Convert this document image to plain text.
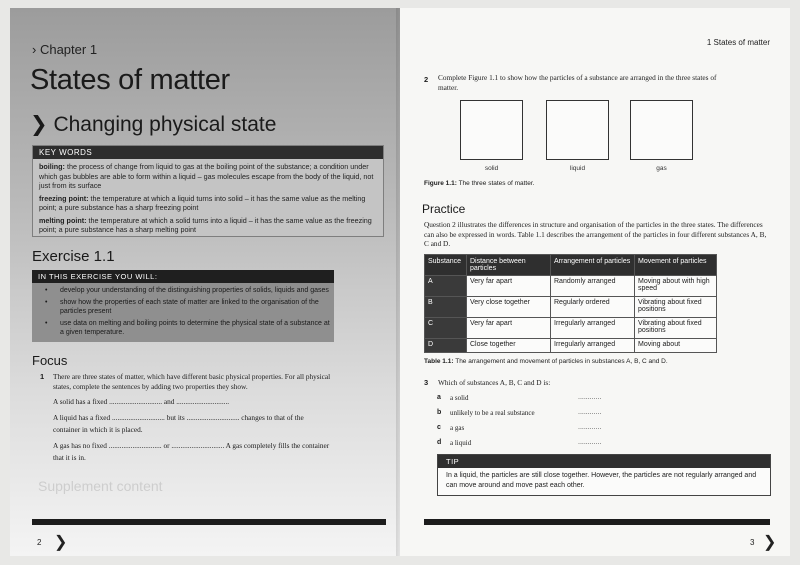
› Chapter 1
States of matter
❯ Changing physical state
KEY WORDS
boiling: the process of change from liquid to gas at the boiling point of the substance; a condition under which gas bubbles are able to form within a liquid – gas molecules escape from the body of the liquid, not just from its surface
freezing point: the temperature at which a liquid turns into solid – it has the same value as the melting point; a pure substance has a sharp freezing point
melting point: the temperature at which a solid turns into a liquid – it has the same value as the freezing point; a pure substance has a sharp melting point
Exercise 1.1
IN THIS EXERCISE YOU WILL:
• develop your understanding of the distinguishing properties of solids, liquids and gases
• show how the properties of each state of matter are linked to the organisation of the particles present
• use data on melting and boiling points to determine the physical state of a substance at a given temperature.
Focus
1 There are three states of matter, which have different basic physical properties. For all physical states, complete the sentences by adding two properties they show.
A solid has a fixed ............................. and .............................
A liquid has a fixed ............................. but its ............................. changes to that of the
container in which it is placed.
A gas has no fixed ............................. or ............................. A gas completely fills the container
that it is in.
Supplement content
2 ❯
1 States of matter
2 Complete Figure 1.1 to show how the particles of a substance are arranged in the three states of matter.
solid	liquid	gas
Figure 1.1: The three states of matter.
Practice
Question 2 illustrates the differences in structure and organisation of the particles in the three states. The differences can also be expressed in words. Table 1.1 describes the arrangement of the particles in four different substances A, B, C and D.
Substance	Distance between particles	Arrangement of particles	Movement of particles
A	Very far apart	Randomly arranged	Moving about with high speed
B	Very close together	Regularly ordered	Vibrating about fixed positions
C	Very far apart	Irregularly arranged	Vibrating about fixed positions
D	Close together	Irregularly arranged	Moving about
Table 1.1: The arrangement and movement of particles in substances A, B, C and D.
3 Which of substances A, B, C and D is:
a a solid	............
b unlikely to be a real substance	............
c a gas	............
d a liquid	............
TIP
In a liquid, the particles are still close together. However, the particles are not regularly arranged and can move around and move past each other.
3 ❯
